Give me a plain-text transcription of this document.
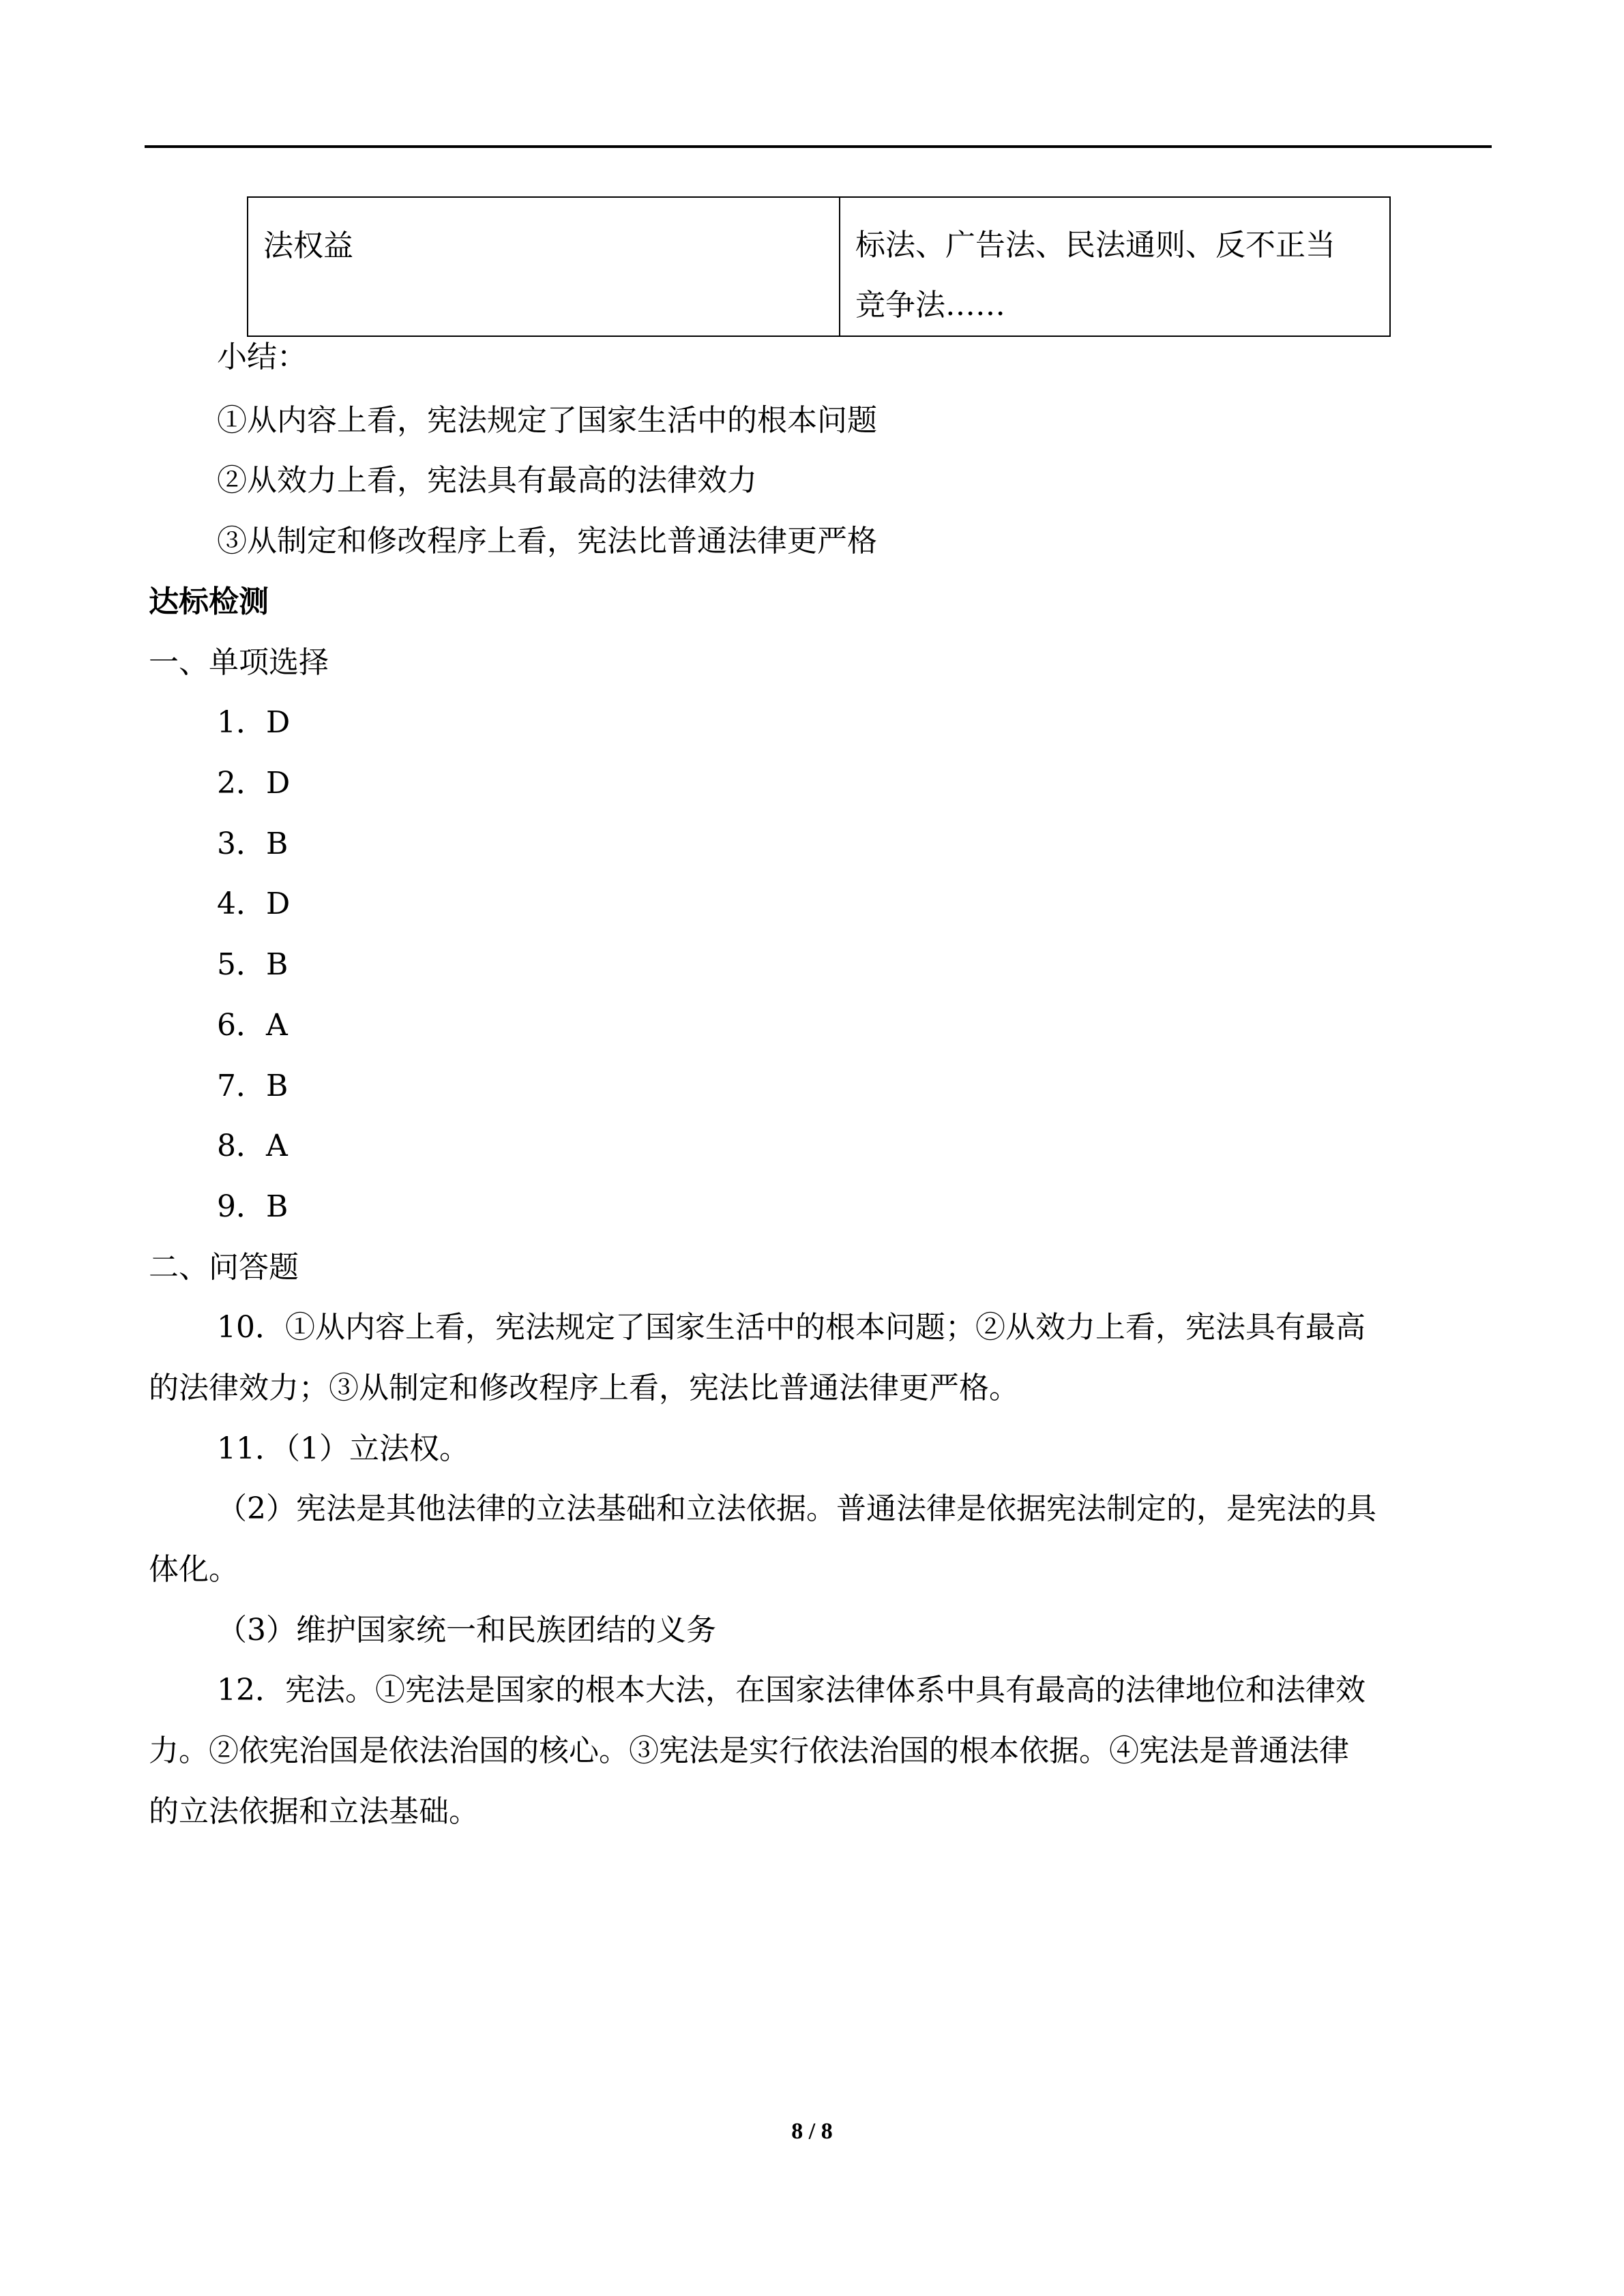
法权益	标法、广告法、民法通则、反不正当
竞争法……
小结：
①从内容上看，宪法规定了国家生活中的根本问题
②从效力上看，宪法具有最高的法律效力
③从制定和修改程序上看，宪法比普通法律更严格
达标检测
一、单项选择
1．D
2．D
3．B
4．D
5．B
6．A
7．B
8．A
9．B
二、问答题
10．①从内容上看，宪法规定了国家生活中的根本问题；②从效力上看，宪法具有最高
的法律效力；③从制定和修改程序上看，宪法比普通法律更严格。
11．（1）立法权。
（2）宪法是其他法律的立法基础和立法依据。普通法律是依据宪法制定的，是宪法的具
体化。
（3）维护国家统一和民族团结的义务
12．宪法。①宪法是国家的根本大法，在国家法律体系中具有最高的法律地位和法律效
力。②依宪治国是依法治国的核心。③宪法是实行依法治国的根本依据。④宪法是普通法律
的立法依据和立法基础。
8 / 8
